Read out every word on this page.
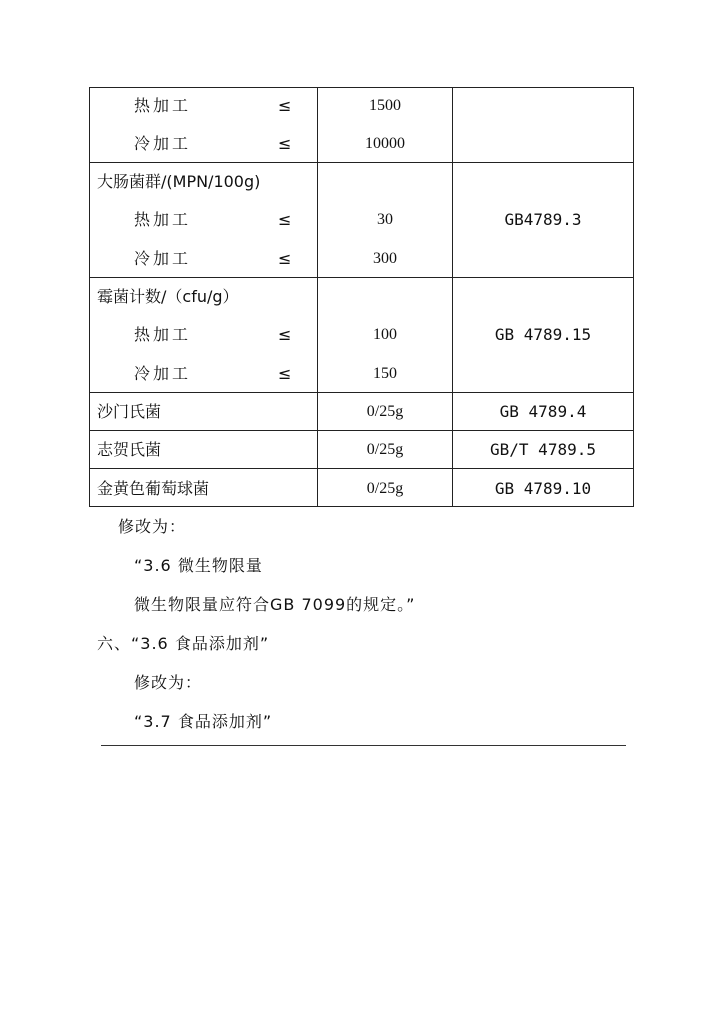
热加工	≤	1500
冷加工	≤	10000
大肠菌群/(MPN/100g)
热加工	≤	30	GB4789.3
冷加工	≤	300
霉菌计数/（cfu/g）
热加工	≤	100	GB 4789.15
冷加工	≤	150
沙门氏菌	0/25g	GB 4789.4
志贺氏菌	0/25g	GB/T 4789.5
金黄色葡萄球菌	0/25g	GB 4789.10
修改为：
“3.6 微生物限量
微生物限量应符合GB 7099的规定。”
六、“3.6 食品添加剂”
修改为：
“3.7 食品添加剂”
